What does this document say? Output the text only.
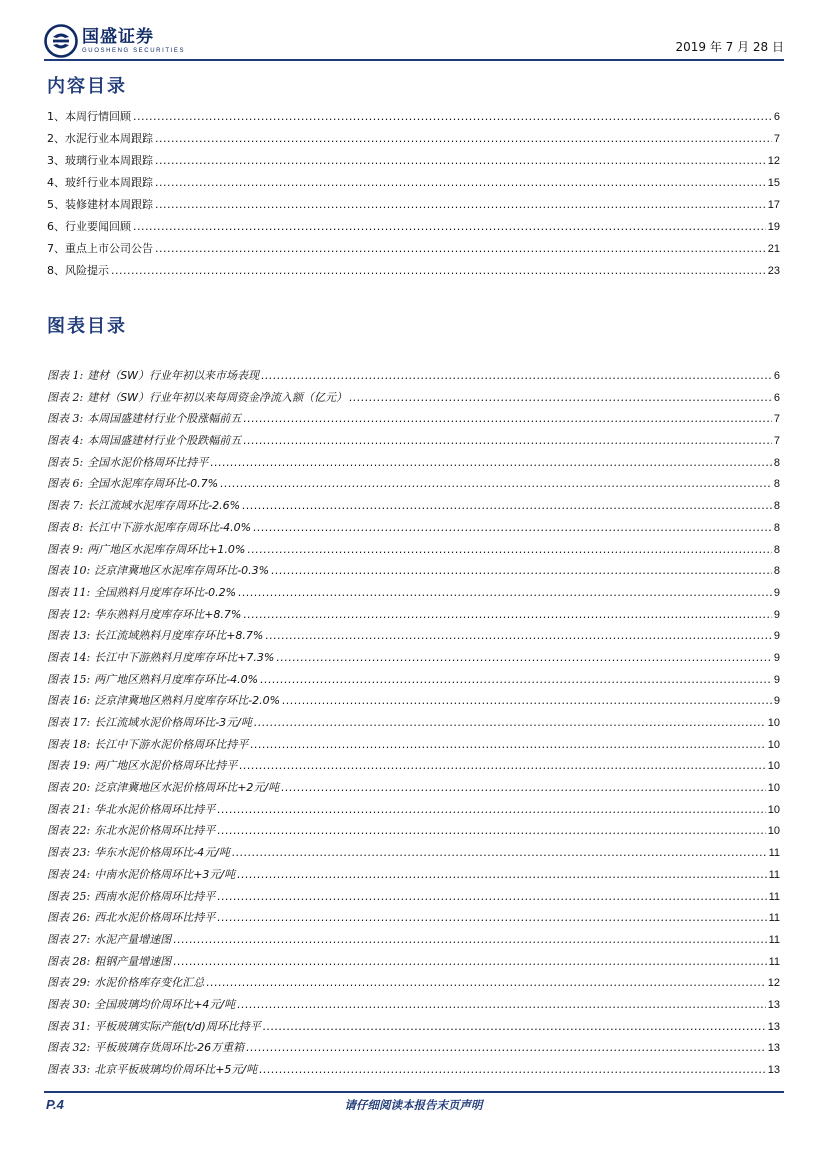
国盛证券
GUOSHENG SECURITIES	2019 年 7 月 28 日
内容目录
1、本周行情回顾 .....	6
2、水泥行业本周跟踪 .....	7
3、玻璃行业本周跟踪 .....	12
4、玻纤行业本周跟踪 .....	15
5、装修建材本周跟踪 .....	17
6、行业要闻回顾 .....	19
7、重点上市公司公告 .....	21
8、风险提示 .....	23
图表目录
图表 1: 建材（SW）行业年初以来市场表现 .....	6
图表 2: 建材（SW）行业年初以来每周资金净流入额（亿元） .....	6
图表 3: 本周国盛建材行业个股涨幅前五 .....	7
图表 4: 本周国盛建材行业个股跌幅前五 .....	7
图表 5: 全国水泥价格周环比持平 .....	8
图表 6: 全国水泥库存周环比-0.7% .....	8
图表 7: 长江流域水泥库存周环比-2.6% .....	8
图表 8: 长江中下游水泥库存周环比-4.0% .....	8
图表 9: 两广地区水泥库存周环比+1.0% .....	8
图表 10: 泛京津冀地区水泥库存周环比-0.3% .....	8
图表 11: 全国熟料月度库存环比-0.2% .....	9
图表 12: 华东熟料月度库存环比+8.7% .....	9
图表 13: 长江流域熟料月度库存环比+8.7% .....	9
图表 14: 长江中下游熟料月度库存环比+7.3% .....	9
图表 15: 两广地区熟料月度库存环比-4.0% .....	9
图表 16: 泛京津冀地区熟料月度库存环比-2.0% .....	9
图表 17: 长江流域水泥价格周环比-3元/吨 .....	10
图表 18: 长江中下游水泥价格周环比持平 .....	10
图表 19: 两广地区水泥价格周环比持平 .....	10
图表 20: 泛京津冀地区水泥价格周环比+2元/吨 .....	10
图表 21: 华北水泥价格周环比持平 .....	10
图表 22: 东北水泥价格周环比持平 .....	10
图表 23: 华东水泥价格周环比-4元/吨 .....	11
图表 24: 中南水泥价格周环比+3元/吨 .....	11
图表 25: 西南水泥价格周环比持平 .....	11
图表 26: 西北水泥价格周环比持平 .....	11
图表 27: 水泥产量增速图 .....	11
图表 28: 粗钢产量增速图 .....	11
图表 29: 水泥价格库存变化汇总 .....	12
图表 30: 全国玻璃均价周环比+4元/吨 .....	13
图表 31: 平板玻璃实际产能(t/d)周环比持平 .....	13
图表 32: 平板玻璃存货周环比-26万重箱 .....	13
图表 33: 北京平板玻璃均价周环比+5元/吨 .....	13
P.4	请仔细阅读本报告末页声明
